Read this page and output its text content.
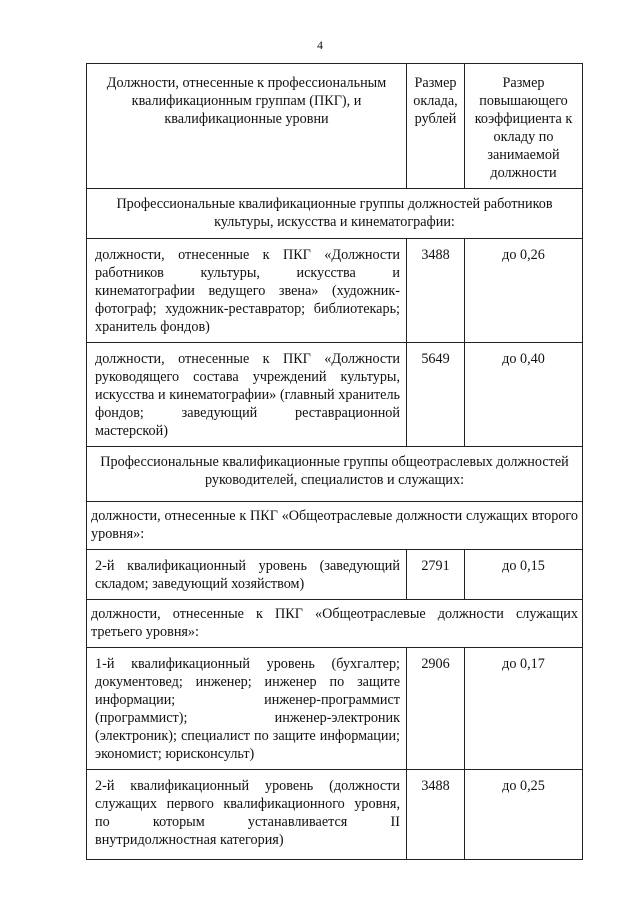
4
Должности, отнесенные к профессиональным квалификационным группам (ПКГ), и квалификационные уровни	Размер оклада, рублей	Размер повышающего коэффициента к окладу по занимаемой должности
Профессиональные квалификационные группы должностей работников культуры, искусства и кинематографии:		
должности, отнесенные к ПКГ «Должности работников культуры, искусства и кинематографии ведущего звена» (художник-фотограф; художник-реставратор; библиотекарь; хранитель фондов)	3488	до 0,26
должности, отнесенные к ПКГ «Должности руководящего состава учреждений культуры, искусства и кинематографии» (главный хранитель фондов; заведующий реставрационной мастерской)	5649	до 0,40
Профессиональные квалификационные группы общеотраслевых должностей руководителей, специалистов и служащих:		
должности, отнесенные к ПКГ «Общеотраслевые должности служащих второго уровня»:		
2-й квалификационный уровень (заведующий складом; заведующий хозяйством)	2791	до 0,15
должности, отнесенные к ПКГ «Общеотраслевые должности служащих третьего уровня»:		
1-й квалификационный уровень (бухгалтер; документовед; инженер; инженер по защите информации; инженер-программист (программист); инженер-электроник (электроник); специалист по защите информации; экономист; юрисконсульт)	2906	до 0,17
2-й квалификационный уровень (должности служащих первого квалификационного уровня, по которым устанавливается II внутридолжностная категория)	3488	до 0,25
